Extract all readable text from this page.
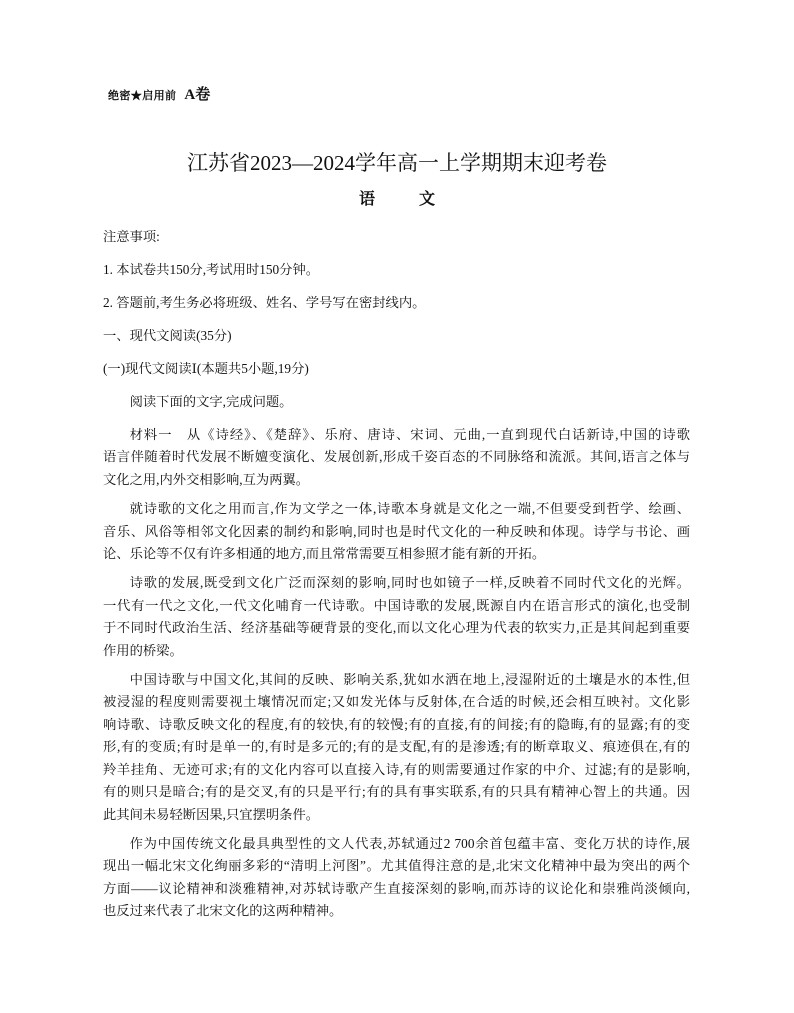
绝密★启用前 A卷
江苏省2023—2024学年高一上学期期末迎考卷
语　文
注意事项:
1. 本试卷共150分,考试用时150分钟。
2. 答题前,考生务必将班级、姓名、学号写在密封线内。
一、现代文阅读(35分)
(一)现代文阅读Ⅰ(本题共5小题,19分)
阅读下面的文字,完成问题。
材料一　从《诗经》、《楚辞》、乐府、唐诗、宋词、元曲,一直到现代白话新诗,中国的诗歌
语言伴随着时代发展不断嬗变演化、发展创新,形成千姿百态的不同脉络和流派。其间,语言之体与
文化之用,内外交相影响,互为两翼。
就诗歌的文化之用而言,作为文学之一体,诗歌本身就是文化之一端,不但要受到哲学、绘画、
音乐、风俗等相邻文化因素的制约和影响,同时也是时代文化的一种反映和体现。诗学与书论、画
论、乐论等不仅有许多相通的地方,而且常常需要互相参照才能有新的开拓。
诗歌的发展,既受到文化广泛而深刻的影响,同时也如镜子一样,反映着不同时代文化的光辉。
一代有一代之文化,一代文化哺育一代诗歌。中国诗歌的发展,既源自内在语言形式的演化,也受制
于不同时代政治生活、经济基础等硬背景的变化,而以文化心理为代表的软实力,正是其间起到重要
作用的桥梁。
中国诗歌与中国文化,其间的反映、影响关系,犹如水洒在地上,浸湿附近的土壤是水的本性,但
被浸湿的程度则需要视土壤情况而定;又如发光体与反射体,在合适的时候,还会相互映衬。文化影
响诗歌、诗歌反映文化的程度,有的较快,有的较慢;有的直接,有的间接;有的隐晦,有的显露;有的变
形,有的变质;有时是单一的,有时是多元的;有的是支配,有的是渗透;有的断章取义、痕迹俱在,有的
羚羊挂角、无迹可求;有的文化内容可以直接入诗,有的则需要通过作家的中介、过滤;有的是影响,
有的则只是暗合;有的是交叉,有的只是平行;有的具有事实联系,有的只具有精神心智上的共通。因
此其间未易轻断因果,只宜摆明条件。
作为中国传统文化最具典型性的文人代表,苏轼通过2 700余首包蕴丰富、变化万状的诗作,展
现出一幅北宋文化绚丽多彩的“清明上河图”。尤其值得注意的是,北宋文化精神中最为突出的两个
方面——议论精神和淡雅精神,对苏轼诗歌产生直接深刻的影响,而苏诗的议论化和崇雅尚淡倾向,
也反过来代表了北宋文化的这两种精神。
